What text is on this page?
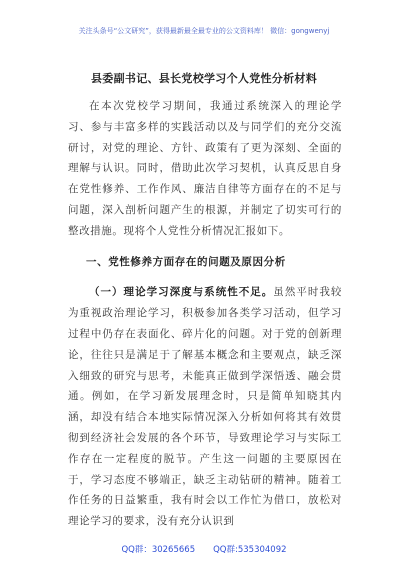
关注头条号“公文研究”，获得最新最全最专业的公文资料库！ 微信：gongwenyj
县委副书记、县长党校学习个人党性分析材料
在本次党校学习期间，我通过系统深入的理论学习、参与丰富多样的实践活动以及与同学们的充分交流研讨，对党的理论、方针、政策有了更为深刻、全面的理解与认识。同时，借助此次学习契机，认真反思自身在党性修养、工作作风、廉洁自律等方面存在的不足与问题，深入剖析问题产生的根源，并制定了切实可行的整改措施。现将个人党性分析情况汇报如下。
一、党性修养方面存在的问题及原因分析
（一）理论学习深度与系统性不足。虽然平时我较为重视政治理论学习，积极参加各类学习活动，但学习过程中仍存在表面化、碎片化的问题。对于党的创新理论，往往只是满足于了解基本概念和主要观点，缺乏深入细致的研究与思考，未能真正做到学深悟透、融会贯通。例如，在学习新发展理念时，只是简单知晓其内涵，却没有结合本地实际情况深入分析如何将其有效贯彻到经济社会发展的各个环节，导致理论学习与实际工作存在一定程度的脱节。产生这一问题的主要原因在于，学习态度不够端正，缺乏主动钻研的精神。随着工作任务的日益繁重，我有时会以工作忙为借口，放松对理论学习的要求，没有充分认识到
QQ群：30265665 QQ群:535304092
